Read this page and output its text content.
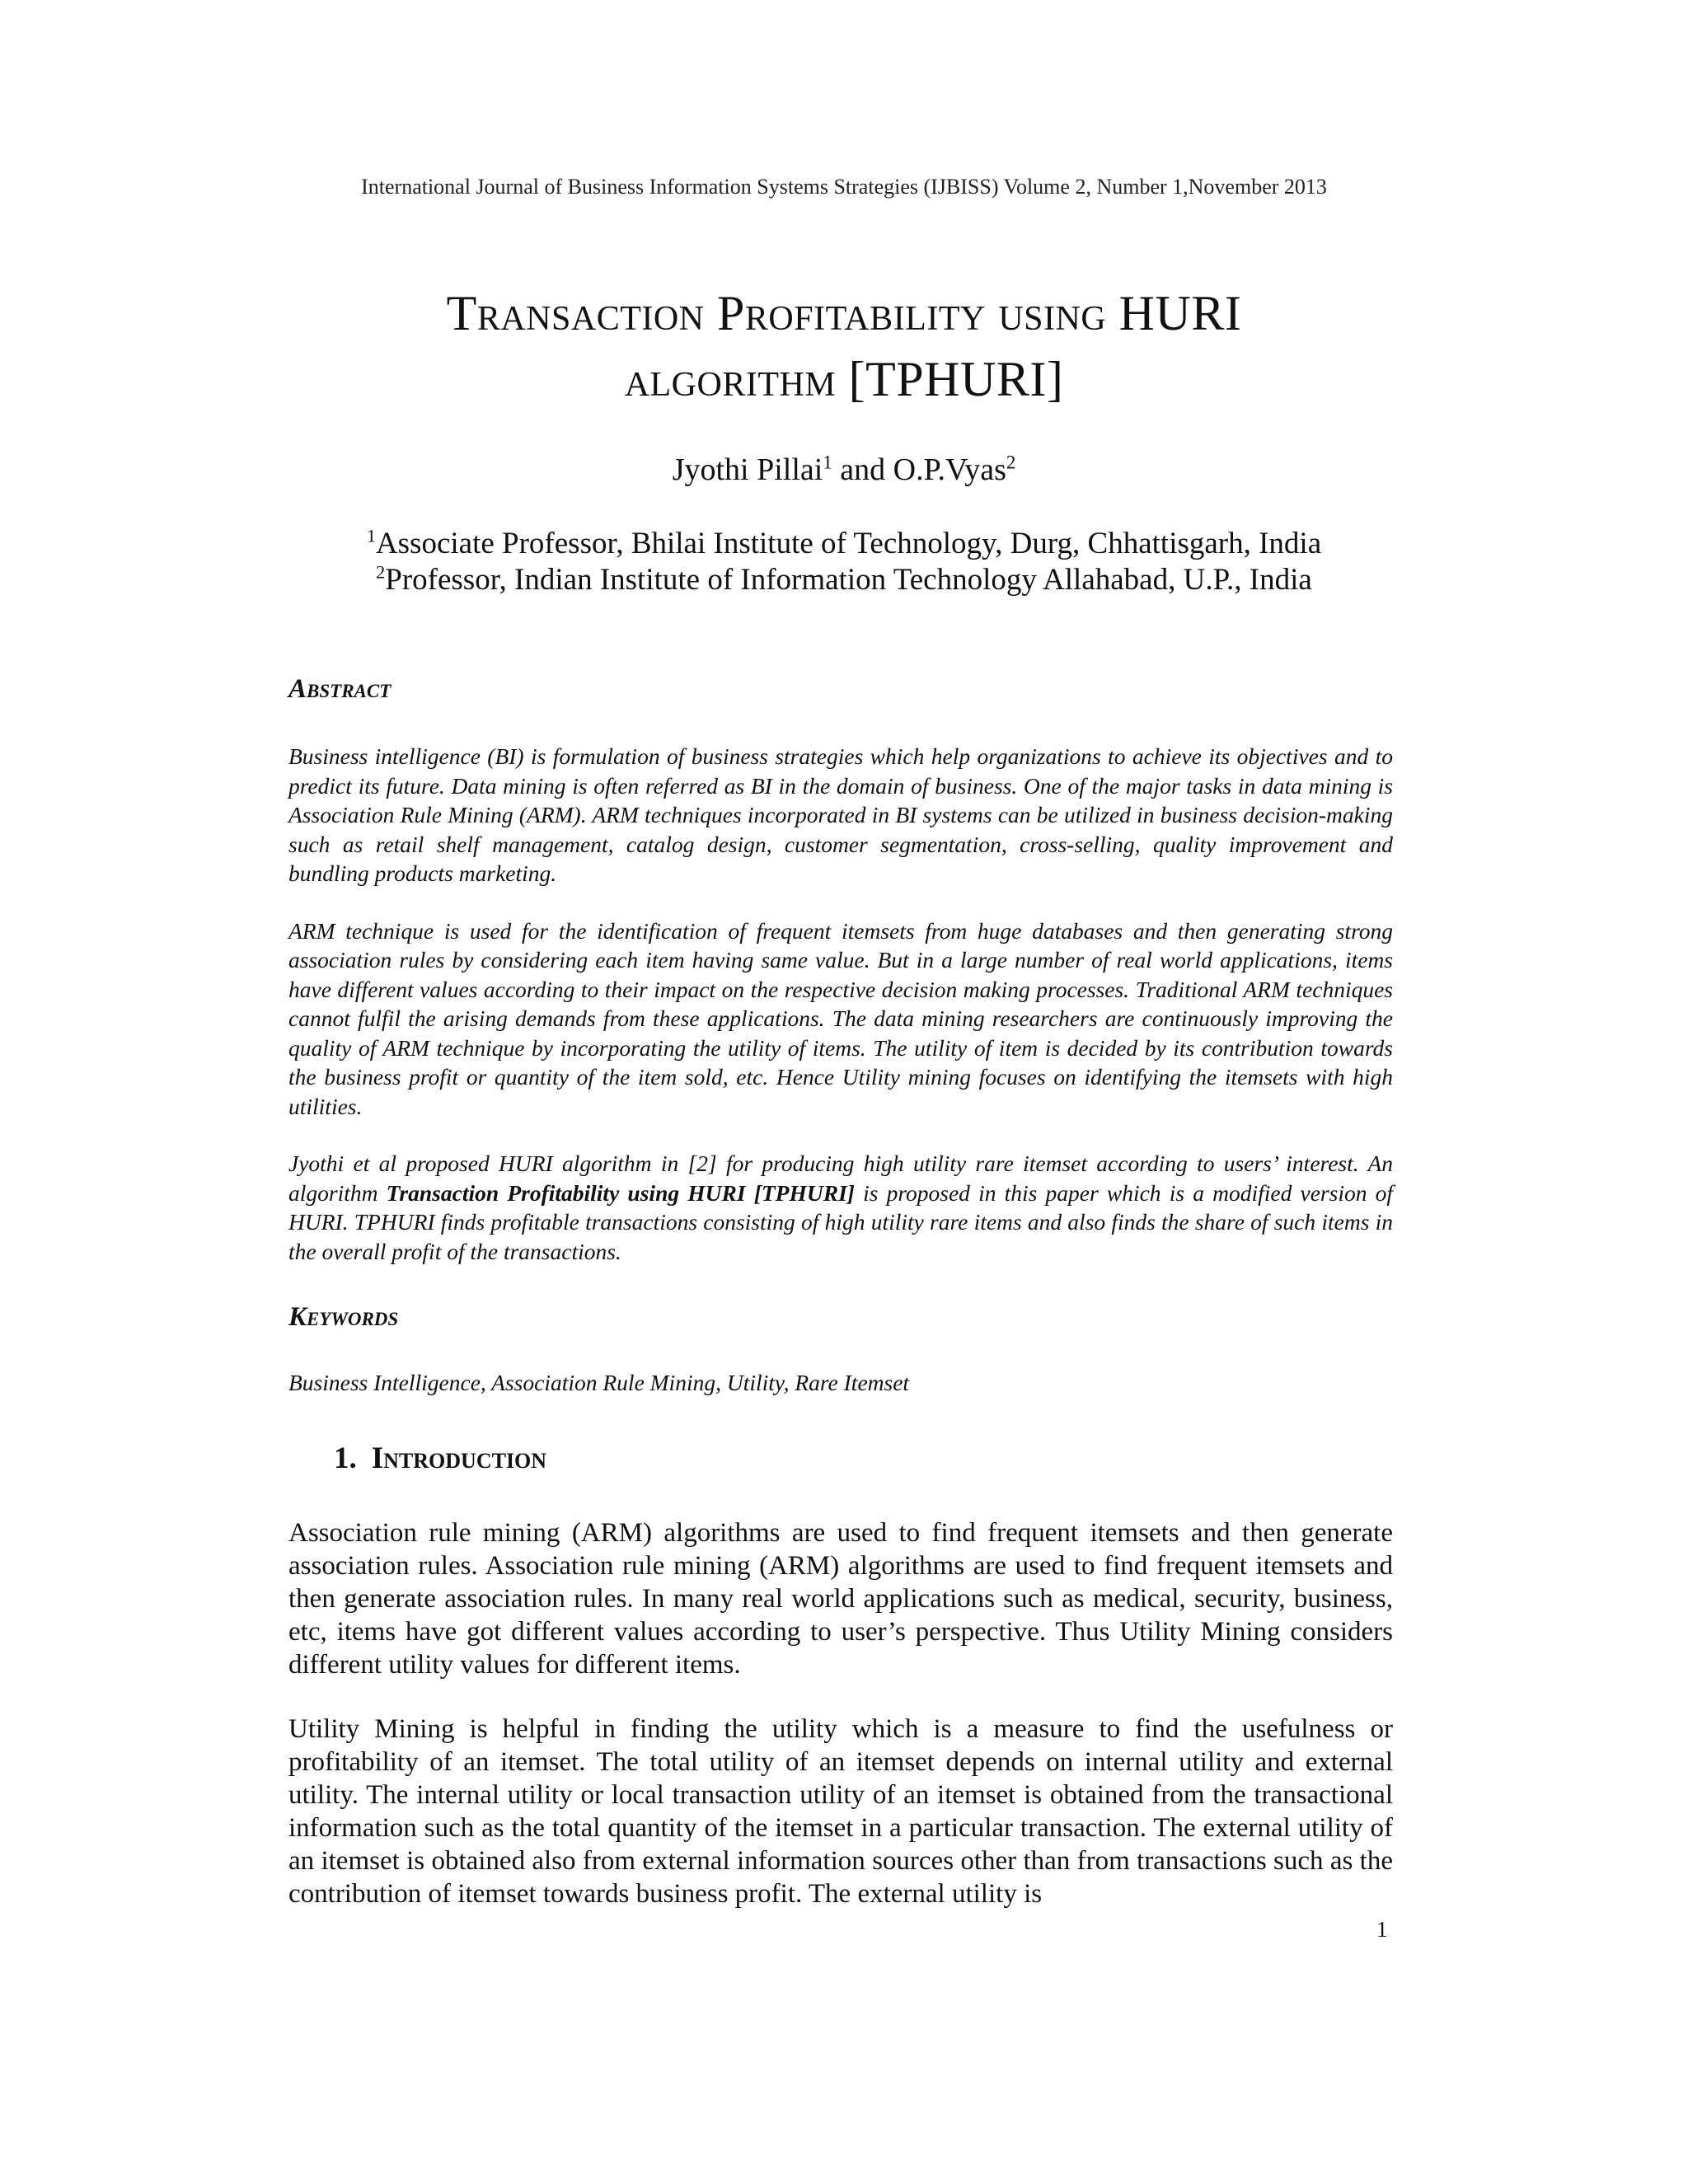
International Journal of Business Information Systems Strategies (IJBISS) Volume 2, Number 1,November 2013
Transaction Profitability using HURI
algorithm [TPHURI]
Jyothi Pillai$^1$ and O.P.Vyas$^2$
$^1$Associate Professor, Bhilai Institute of Technology, Durg, Chhattisgarh, India
$^2$Professor, Indian Institute of Information Technology Allahabad, U.P., India
Abstract

Business intelligence (BI) is formulation of business strategies which help organizations to achieve its objectives and to predict its future. Data mining is often referred as BI in the domain of business. One of the major tasks in data mining is Association Rule Mining (ARM). ARM techniques incorporated in BI systems can be utilized in business decision-making such as retail shelf management, catalog design, customer segmentation, cross-selling, quality improvement and bundling products marketing.

ARM technique is used for the identification of frequent itemsets from huge databases and then generating strong association rules by considering each item having same value. But in a large number of real world applications, items have different values according to their impact on the respective decision making processes. Traditional ARM techniques cannot fulfil the arising demands from these applications. The data mining researchers are continuously improving the quality of ARM technique by incorporating the utility of items. The utility of item is decided by its contribution towards the business profit or quantity of the item sold, etc. Hence Utility mining focuses on identifying the itemsets with high utilities.

Jyothi et al proposed HURI algorithm in [2] for producing high utility rare itemset according to users’ interest. An algorithm Transaction Profitability using HURI [TPHURI] is proposed in this paper which is a modified version of HURI. TPHURI finds profitable transactions consisting of high utility rare items and also finds the share of such items in the overall profit of the transactions.

Keywords
Business Intelligence, Association Rule Mining, Utility, Rare Itemset
1. Introduction

Association rule mining (ARM) algorithms are used to find frequent itemsets and then generate association rules. Association rule mining (ARM) algorithms are used to find frequent itemsets and then generate association rules. In many real world applications such as medical, security, business, etc, items have got different values according to user’s perspective. Thus Utility Mining considers different utility values for different items.

Utility Mining is helpful in finding the utility which is a measure to find the usefulness or profitability of an itemset. The total utility of an itemset depends on internal utility and external utility. The internal utility or local transaction utility of an itemset is obtained from the transactional information such as the total quantity of the itemset in a particular transaction. The external utility of an itemset is obtained also from external information sources other than from transactions such as the contribution of itemset towards business profit. The external utility is

1
